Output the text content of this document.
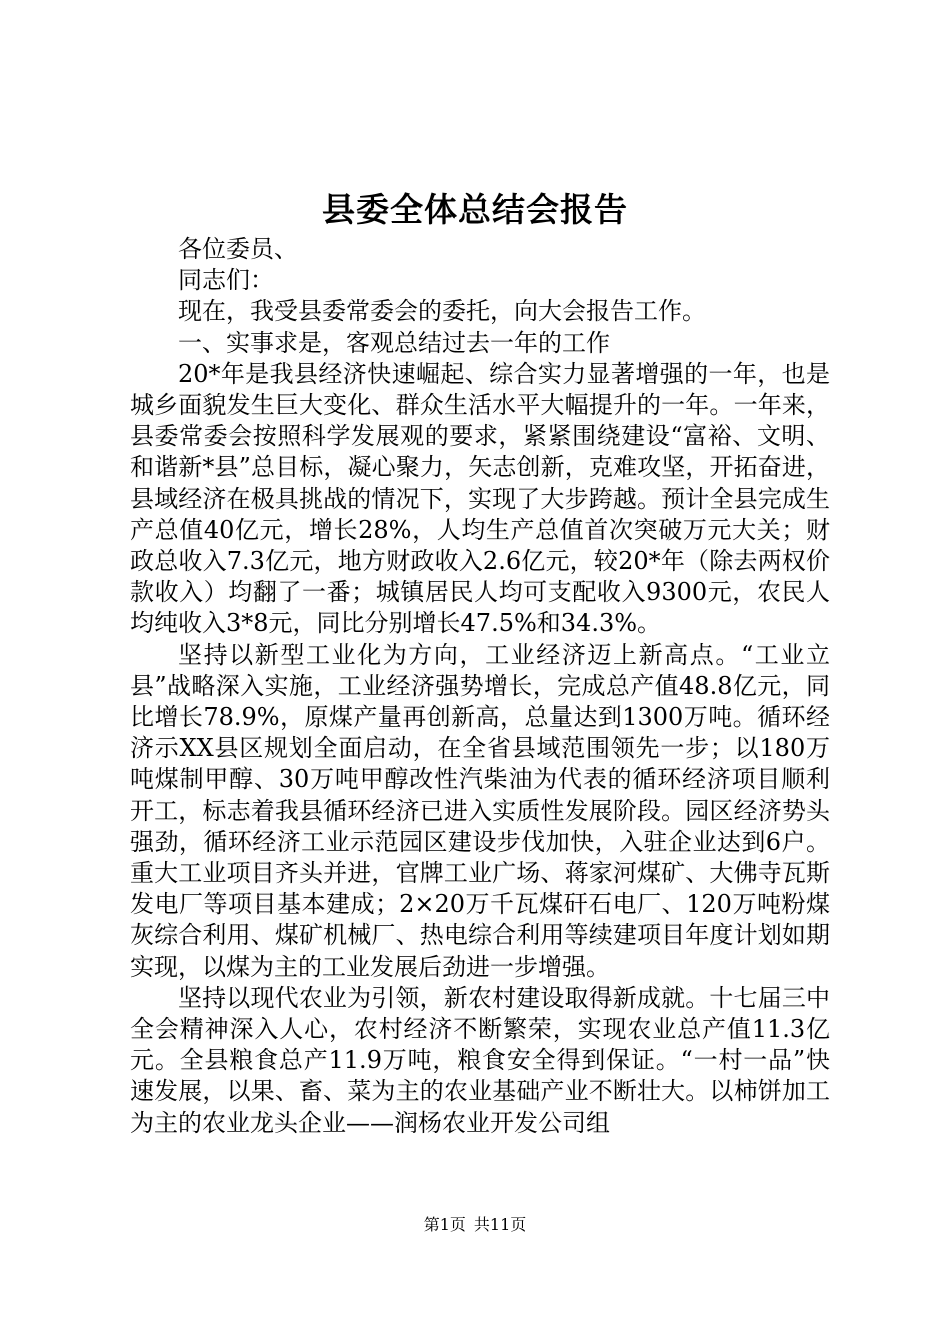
县委全体总结会报告

各位委员、

同志们：

现在，我受县委常委会的委托，向大会报告工作。

一、实事求是，客观总结过去一年的工作

20*年是我县经济快速崛起、综合实力显著增强的一年，也是城乡面貌发生巨大变化、群众生活水平大幅提升的一年。一年来，县委常委会按照科学发展观的要求，紧紧围绕建设“富裕、文明、和谐新*县”总目标，凝心聚力，矢志创新，克难攻坚，开拓奋进，县域经济在极具挑战的情况下，实现了大步跨越。预计全县完成生产总值40亿元，增长28%，人均生产总值首次突破万元大关；财政总收入7.3亿元，地方财政收入2.6亿元，较20*年（除去两权价款收入）均翻了一番；城镇居民人均可支配收入9300元，农民人均纯收入3*8元，同比分别增长47.5%和34.3%。

坚持以新型工业化为方向，工业经济迈上新高点。“工业立县”战略深入实施，工业经济强势增长，完成总产值48.8亿元，同比增长78.9%，原煤产量再创新高，总量达到1300万吨。循环经济示XX县区规划全面启动，在全省县域范围领先一步；以180万吨煤制甲醇、30万吨甲醇改性汽柴油为代表的循环经济项目顺利开工，标志着我县循环经济已进入实质性发展阶段。园区经济势头强劲，循环经济工业示范园区建设步伐加快，入驻企业达到6户。重大工业项目齐头并进，官牌工业广场、蒋家河煤矿、大佛寺瓦斯发电厂等项目基本建成；2×20万千瓦煤矸石电厂、120万吨粉煤灰综合利用、煤矿机械厂、热电综合利用等续建项目年度计划如期实现，以煤为主的工业发展后劲进一步增强。

坚持以现代农业为引领，新农村建设取得新成就。十七届三中全会精神深入人心，农村经济不断繁荣，实现农业总产值11.3亿元。全县粮食总产11.9万吨，粮食安全得到保证。“一村一品”快速发展，以果、畜、菜为主的农业基础产业不断壮大。以柿饼加工为主的农业龙头企业——润杨农业开发公司组

第1页 共11页
